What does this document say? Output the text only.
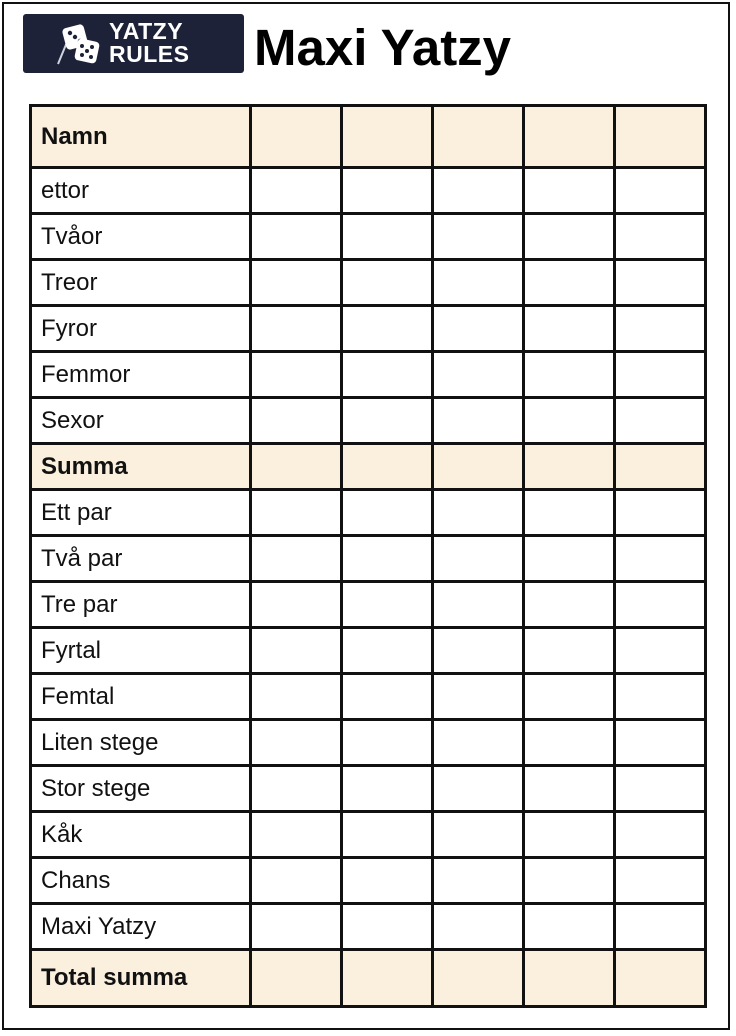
YATZY
RULES Maxi Yatzy
Namn					
ettor					
Tvåor					
Treor					
Fyror					
Femmor					
Sexor					
Summa					
Ett par					
Två par					
Tre par					
Fyrtal					
Femtal					
Liten stege					
Stor stege					
Kåk					
Chans					
Maxi Yatzy					
Total summa					
